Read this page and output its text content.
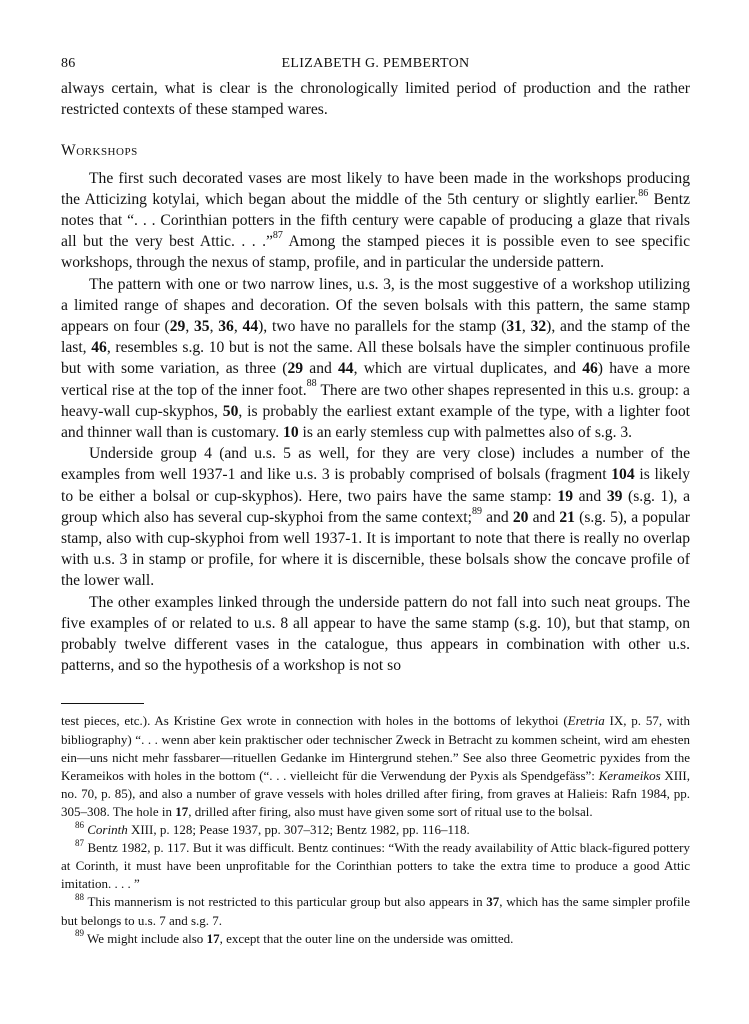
86	ELIZABETH G. PEMBERTON

always certain, what is clear is the chronologically limited period of production and the rather restricted contexts of these stamped wares.

Workshops

The first such decorated vases are most likely to have been made in the workshops producing the Atticizing kotylai, which began about the middle of the 5th century or slightly earlier.$^{86}$ Bentz notes that “. . . Corinthian potters in the fifth century were capable of producing a glaze that rivals all but the very best Attic. . . .”$^{87}$ Among the stamped pieces it is possible even to see specific workshops, through the nexus of stamp, profile, and in particular the underside pattern.

The pattern with one or two narrow lines, u.s. 3, is the most suggestive of a workshop utilizing a limited range of shapes and decoration. Of the seven bolsals with this pattern, the same stamp appears on four (29, 35, 36, 44), two have no parallels for the stamp (31, 32), and the stamp of the last, 46, resembles s.g. 10 but is not the same. All these bolsals have the simpler continuous profile but with some variation, as three (29 and 44, which are virtual duplicates, and 46) have a more vertical rise at the top of the inner foot.$^{88}$ There are two other shapes represented in this u.s. group: a heavy-wall cup-skyphos, 50, is probably the earliest extant example of the type, with a lighter foot and thinner wall than is customary. 10 is an early stemless cup with palmettes also of s.g. 3.

Underside group 4 (and u.s. 5 as well, for they are very close) includes a number of the examples from well 1937-1 and like u.s. 3 is probably comprised of bolsals (fragment 104 is likely to be either a bolsal or cup-skyphos). Here, two pairs have the same stamp: 19 and 39 (s.g. 1), a group which also has several cup-skyphoi from the same context;$^{89}$ and 20 and 21 (s.g. 5), a popular stamp, also with cup-skyphoi from well 1937-1. It is important to note that there is really no overlap with u.s. 3 in stamp or profile, for where it is discernible, these bolsals show the concave profile of the lower wall.

The other examples linked through the underside pattern do not fall into such neat groups. The five examples of or related to u.s. 8 all appear to have the same stamp (s.g. 10), but that stamp, on probably twelve different vases in the catalogue, thus appears in combination with other u.s. patterns, and so the hypothesis of a workshop is not so

test pieces, etc.). As Kristine Gex wrote in connection with holes in the bottoms of lekythoi (Eretria IX, p. 57, with bibliography) “. . . wenn aber kein praktischer oder technischer Zweck in Betracht zu kommen scheint, wird am ehesten ein—uns nicht mehr fassbarer—rituellen Gedanke im Hintergrund stehen.” See also three Geometric pyxides from the Kerameikos with holes in the bottom (“. . . vielleicht für die Verwendung der Pyxis als Spendgefäss”: Kerameikos XIII, no. 70, p. 85), and also a number of grave vessels with holes drilled after firing, from graves at Halieis: Rafn 1984, pp. 305–308. The hole in 17, drilled after firing, also must have given some sort of ritual use to the bolsal.

$^{86}$ Corinth XIII, p. 128; Pease 1937, pp. 307–312; Bentz 1982, pp. 116–118.

$^{87}$ Bentz 1982, p. 117. But it was difficult. Bentz continues: “With the ready availability of Attic black-figured pottery at Corinth, it must have been unprofitable for the Corinthian potters to take the extra time to produce a good Attic imitation. . . . ”

$^{88}$ This mannerism is not restricted to this particular group but also appears in 37, which has the same simpler profile but belongs to u.s. 7 and s.g. 7.

$^{89}$ We might include also 17, except that the outer line on the underside was omitted.
